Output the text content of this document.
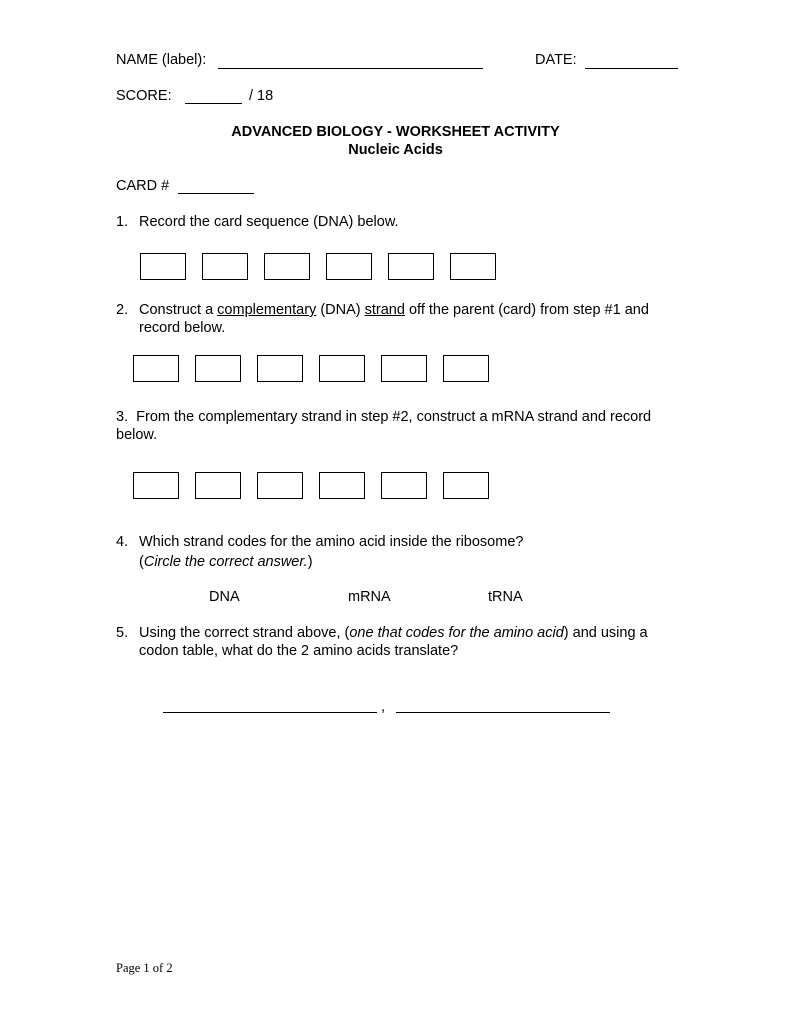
NAME (label):	DATE:
SCORE:	/ 18
ADVANCED BIOLOGY - WORKSHEET ACTIVITY
Nucleic Acids
CARD #
1. Record the card sequence (DNA) below.
2. Construct a complementary (DNA) strand off the parent (card) from step #1 and
record below.
3.  From the complementary strand in step #2, construct a mRNA strand and record
below.
4. Which strand codes for the amino acid inside the ribosome?
(Circle the correct answer.)
DNA	mRNA	tRNA
5. Using the correct strand above, (one that codes for the amino acid) and using a
codon table, what do the 2 amino acids translate?
,
Page 1 of 2
